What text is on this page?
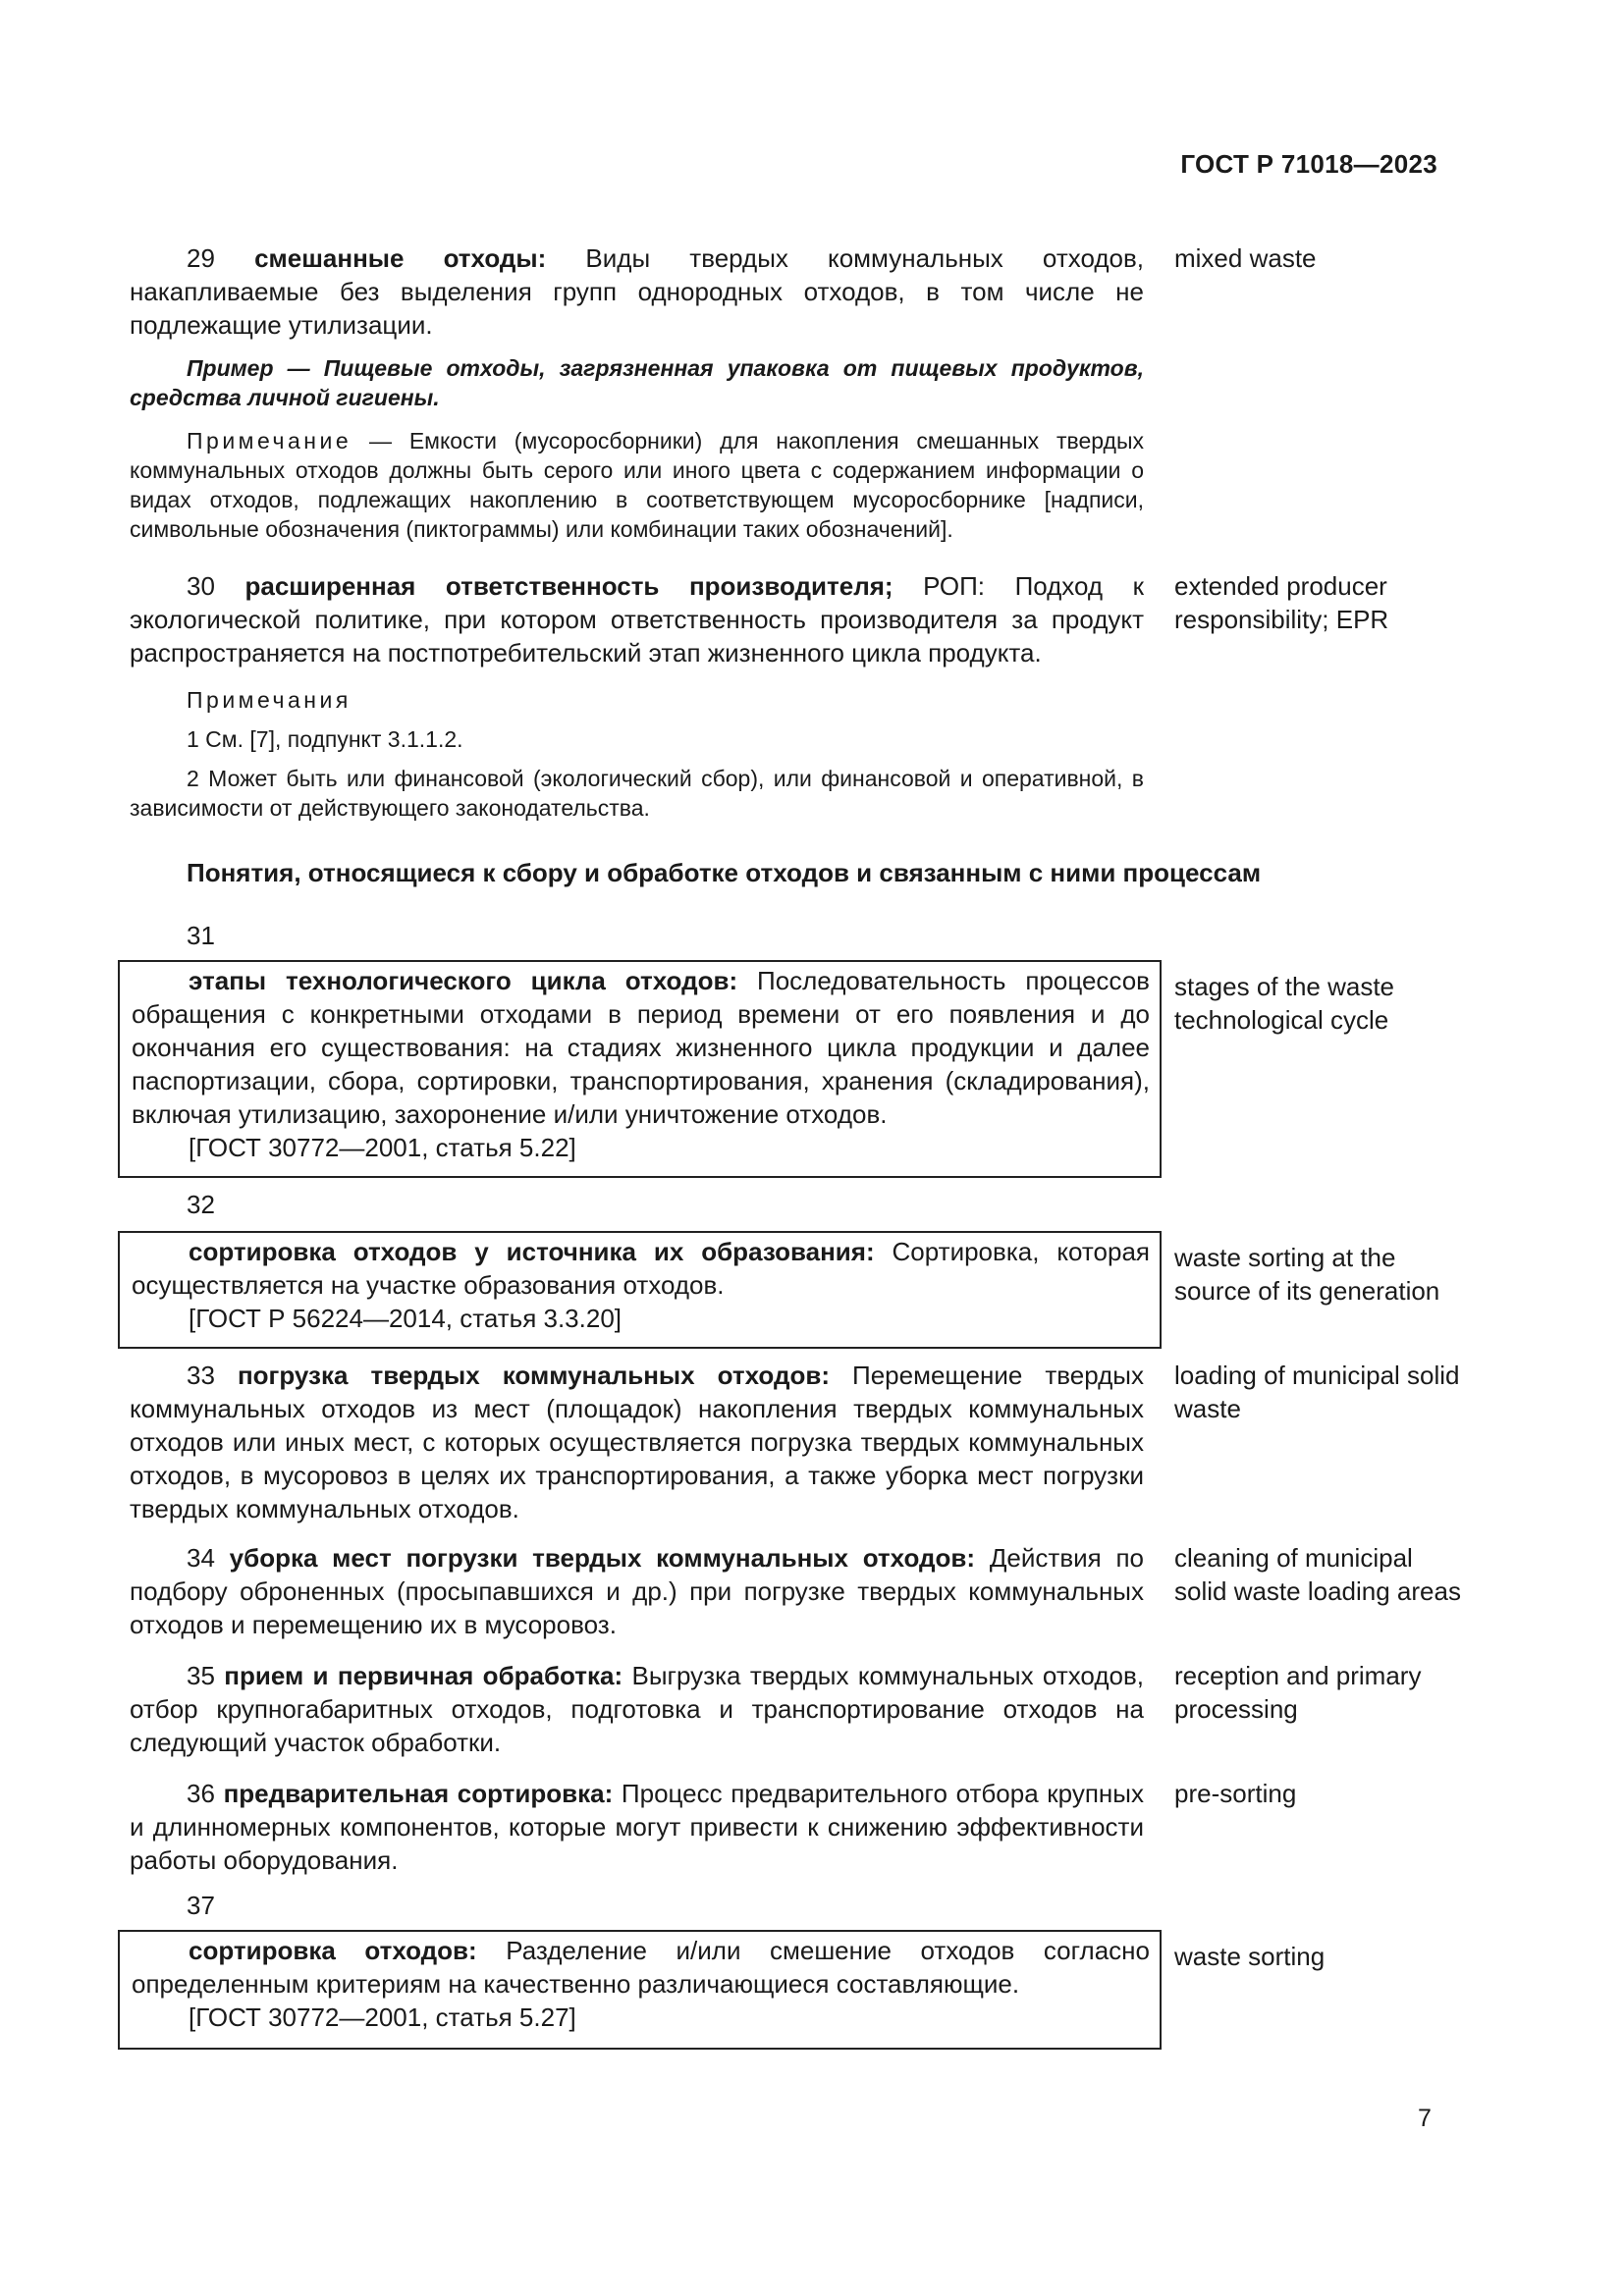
ГОСТ Р 71018—2023

29 смешанные отходы: Виды твердых коммунальных отходов, накапливаемые без выделения групп однородных отходов, в том числе не подлежащие утилизации.

Пример — Пищевые отходы, загрязненная упаковка от пищевых продуктов, средства личной гигиены.

Примечание — Емкости (мусоросборники) для накопления смешанных твердых коммунальных отходов должны быть серого или иного цвета с содержанием информации о видах отходов, подлежащих накоплению в соответствующем мусоросборнике [надписи, символьные обозначения (пиктограммы) или комбинации таких обозначений].

mixed waste

30 расширенная ответственность производителя; РОП: Подход к экологической политике, при котором ответственность производителя за продукт распространяется на постпотребительский этап жизненного цикла продукта.

Примечания

1 См. [7], подпункт 3.1.1.2.

2 Может быть или финансовой (экологический сбор), или финансовой и оперативной, в зависимости от действующего законодательства.

extended producer responsibility; EPR
Понятия, относящиеся к сбору и обработке отходов и связанным с ними процессам
31

этапы технологического цикла отходов: Последовательность процессов обращения с конкретными отходами в период времени от его появления и до окончания его существования: на стадиях жизненного цикла продукции и далее паспортизации, сбора, сортировки, транспортирования, хранения (складирования), включая утилизацию, захоронение и/или уничтожение отходов.

[ГОСТ 30772—2001, статья 5.22]

stages of the waste technological cycle
32

сортировка отходов у источника их образования: Сортировка, которая осуществляется на участке образования отходов.

[ГОСТ Р 56224—2014, статья 3.3.20]

waste sorting at the source of its generation

33 погрузка твердых коммунальных отходов: Перемещение твердых коммунальных отходов из мест (площадок) накопления твердых коммунальных отходов или иных мест, с которых осуществляется погрузка твердых коммунальных отходов, в мусоровоз в целях их транспортирования, а также уборка мест погрузки твердых коммунальных отходов.

loading of municipal solid waste

34 уборка мест погрузки твердых коммунальных отходов: Действия по подбору оброненных (просыпавшихся и др.) при погрузке твердых коммунальных отходов и перемещению их в мусоровоз.

cleaning of municipal solid waste loading areas

35 прием и первичная обработка: Выгрузка твердых коммунальных отходов, отбор крупногабаритных отходов, подготовка и транспортирование отходов на следующий участок обработки.

reception and primary processing

36 предварительная сортировка: Процесс предварительного отбора крупных и длинномерных компонентов, которые могут привести к снижению эффективности работы оборудования.

pre-sorting
37

сортировка отходов: Разделение и/или смешение отходов согласно определенным критериям на качественно различающиеся составляющие.

[ГОСТ 30772—2001, статья 5.27]

waste sorting
7
